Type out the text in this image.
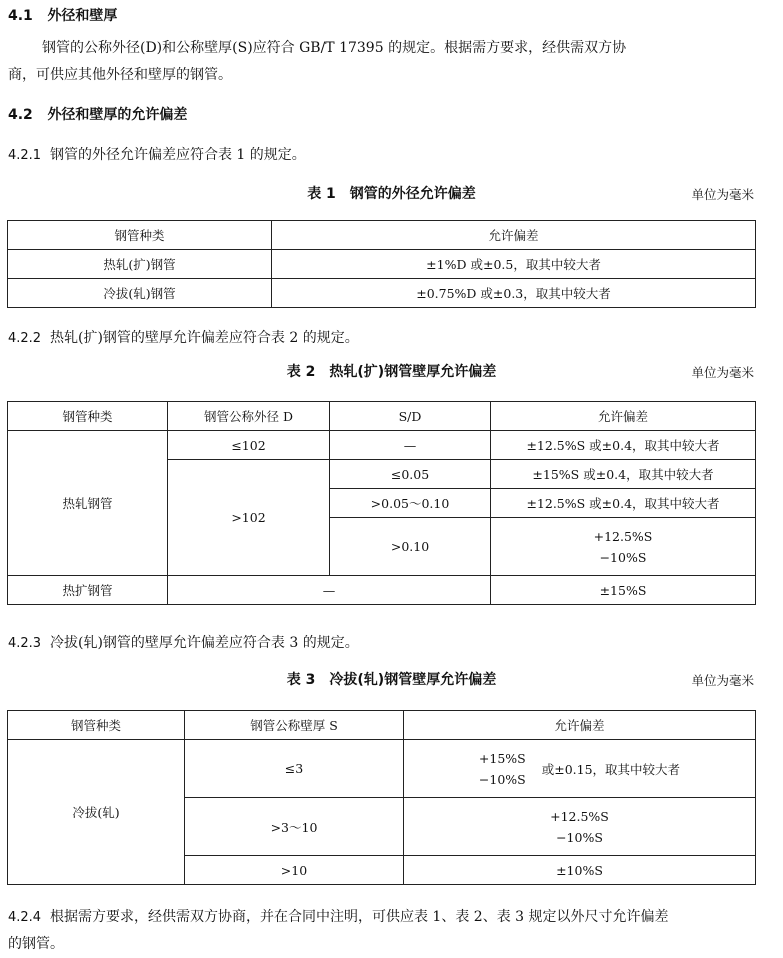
4.1 外径和壁厚
钢管的公称外径(D)和公称壁厚(S)应符合 GB/T 17395 的规定。根据需方要求，经供需双方协
商，可供应其他外径和壁厚的钢管。
4.2 外径和壁厚的允许偏差
4.2.1 钢管的外径允许偏差应符合表 1 的规定。
表 1　钢管的外径允许偏差	单位为毫米
钢管种类	允许偏差
热轧(扩)钢管	±1%D 或±0.5，取其中较大者
冷拔(轧)钢管	±0.75%D 或±0.3，取其中较大者
4.2.2 热轧(扩)钢管的壁厚允许偏差应符合表 2 的规定。
表 2　热轧(扩)钢管壁厚允许偏差	单位为毫米
钢管种类	钢管公称外径 D	S/D	允许偏差
热轧钢管	≤102	—	±12.5%S 或±0.4，取其中较大者
	>102	≤0.05	±15%S 或±0.4，取其中较大者
		>0.05～0.10	±12.5%S 或±0.4，取其中较大者
		>0.10	+12.5%S
−10%S

热扩钢管	—		±15%S
4.2.3 冷拔(轧)钢管的壁厚允许偏差应符合表 3 的规定。
表 3　冷拔(轧)钢管壁厚允许偏差	单位为毫米
钢管种类	钢管公称壁厚 S	允许偏差
冷拔(轧)	≤3	+15%S
−10%S
或±0.15，取其中较大者

	>3～10	+12.5%S
−10%S

	>10	±10%S
4.2.4 根据需方要求，经供需双方协商，并在合同中注明，可供应表 1、表 2、表 3 规定以外尺寸允许偏差
的钢管。
